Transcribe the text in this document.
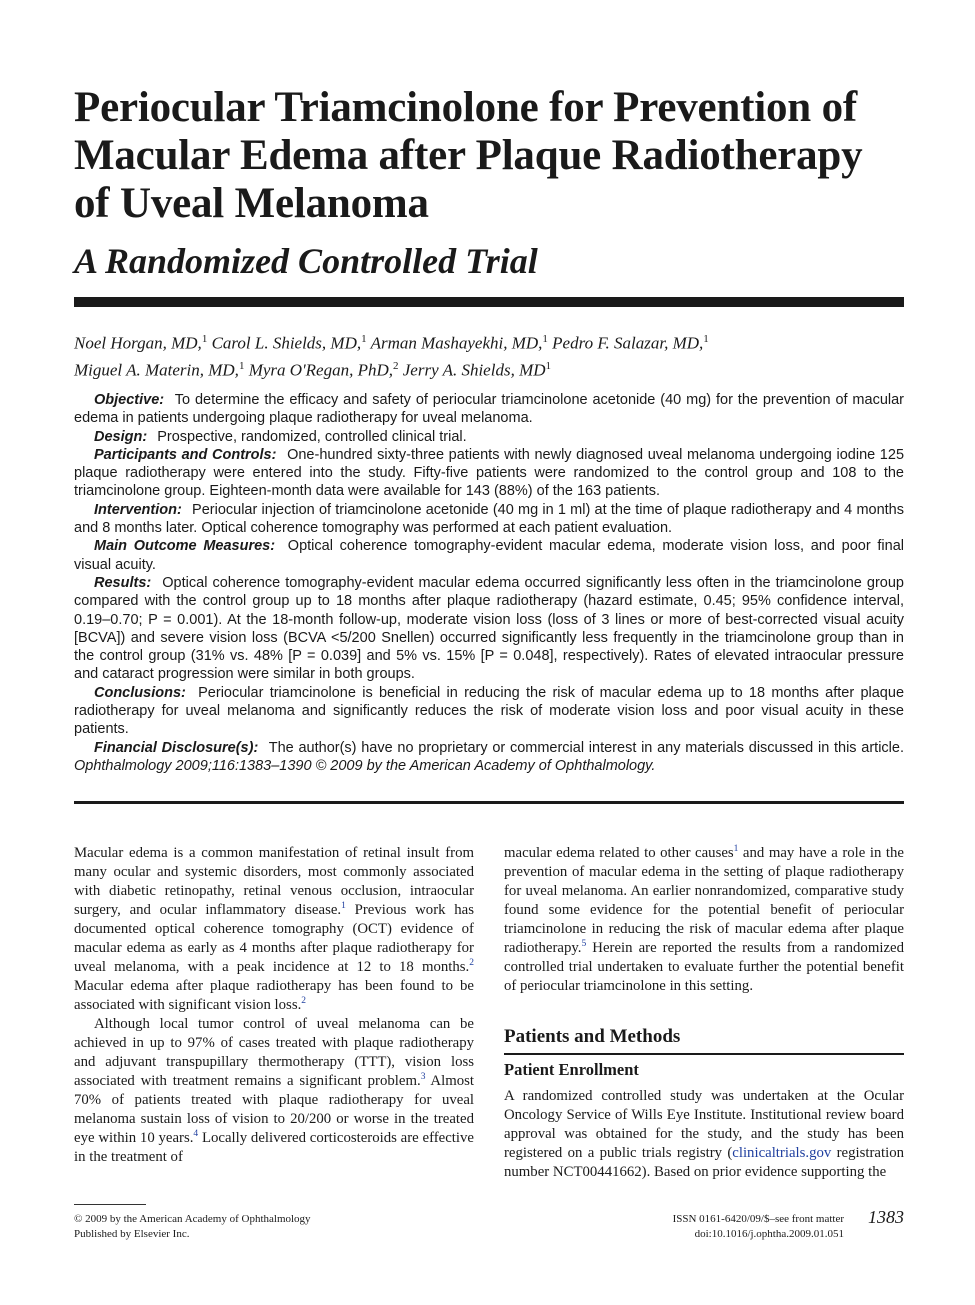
Periocular Triamcinolone for Prevention of Macular Edema after Plaque Radiotherapy of Uveal Melanoma
A Randomized Controlled Trial
Noel Horgan, MD,$^1$ Carol L. Shields, MD,$^1$ Arman Mashayekhi, MD,$^1$ Pedro F. Salazar, MD,$^1$
Miguel A. Materin, MD,$^1$ Myra O'Regan, PhD,$^2$ Jerry A. Shields, $MD^1$

Objective: To determine the efficacy and safety of periocular triamcinolone acetonide (40 mg) for the prevention of macular edema in patients undergoing plaque radiotherapy for uveal melanoma.

Design: Prospective, randomized, controlled clinical trial.

Participants and Controls: One-hundred sixty-three patients with newly diagnosed uveal melanoma undergoing iodine 125 plaque radiotherapy were entered into the study. Fifty-five patients were randomized to the control group and 108 to the triamcinolone group. Eighteen-month data were available for 143 (88%) of the 163 patients.

Intervention: Periocular injection of triamcinolone acetonide (40 mg in 1 ml) at the time of plaque radiotherapy and 4 months and 8 months later. Optical coherence tomography was performed at each patient evaluation.

Main Outcome Measures: Optical coherence tomography-evident macular edema, moderate vision loss, and poor final visual acuity.

Results: Optical coherence tomography-evident macular edema occurred significantly less often in the triamcinolone group compared with the control group up to 18 months after plaque radiotherapy (hazard estimate, 0.45; 95% confidence interval, 0.19–0.70; P = 0.001). At the 18-month follow-up, moderate vision loss (loss of 3 lines or more of best-corrected visual acuity [BCVA]) and severe vision loss (BCVA <5/200 Snellen) occurred significantly less frequently in the triamcinolone group than in the control group (31% vs. 48% [P = 0.039] and 5% vs. 15% [P = 0.048], respectively). Rates of elevated intraocular pressure and cataract progression were similar in both groups.

Conclusions: Periocular triamcinolone is beneficial in reducing the risk of macular edema up to 18 months after plaque radiotherapy for uveal melanoma and significantly reduces the risk of moderate vision loss and poor visual acuity in these patients.

Financial Disclosure(s): The author(s) have no proprietary or commercial interest in any materials discussed in this article. Ophthalmology 2009;116:1383–1390 © 2009 by the American Academy of Ophthalmology.

Macular edema is a common manifestation of retinal insult from many ocular and systemic disorders, most commonly associated with diabetic retinopathy, retinal venous occlusion, intraocular surgery, and ocular inflammatory disease.$^1$ Previous work has documented optical coherence tomography (OCT) evidence of macular edema as early as 4 months after plaque radiotherapy for uveal melanoma, with a peak incidence at 12 to 18 months.$^2$ Macular edema after plaque radiotherapy has been found to be associated with significant vision loss.$^2$

Although local tumor control of uveal melanoma can be achieved in up to 97% of cases treated with plaque radiotherapy and adjuvant transpupillary thermotherapy (TTT), vision loss associated with treatment remains a significant problem.$^3$ Almost 70% of patients treated with plaque radiotherapy for uveal melanoma sustain loss of vision to 20/200 or worse in the treated eye within 10 years.$^4$ Locally delivered corticosteroids are effective in the treatment of

macular edema related to other causes$^1$ and may have a role in the prevention of macular edema in the setting of plaque radiotherapy for uveal melanoma. An earlier nonrandomized, comparative study found some evidence for the potential benefit of periocular triamcinolone in reducing the risk of macular edema after plaque radiotherapy.$^5$ Herein are reported the results from a randomized controlled trial undertaken to evaluate further the potential benefit of periocular triamcinolone in this setting.

Patients and Methods
Patient Enrollment

A randomized controlled study was undertaken at the Ocular Oncology Service of Wills Eye Institute. Institutional review board approval was obtained for the study, and the study has been registered on a public trials registry (clinicaltrials.gov registration number NCT00441662). Based on prior evidence supporting the

© 2009 by the American Academy of Ophthalmology
Published by Elsevier Inc.
ISSN 0161-6420/09/$–see front matter
doi:10.1016/j.ophtha.2009.01.051
1383
